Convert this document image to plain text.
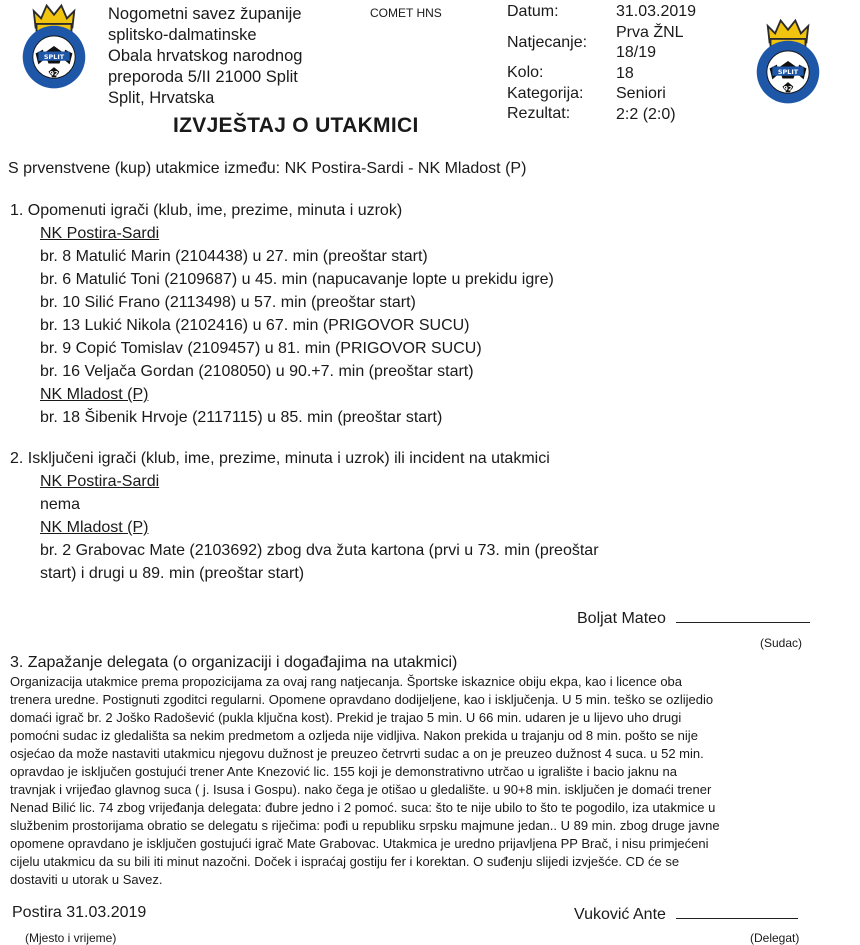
SPLIT
1920	SPLIT
1920
Nogometni savez županije
splitsko-dalmatinske
Obala hrvatskog narodnog
preporoda 5/II 21000 Split
Split, Hrvatska
COMET HNS
IZVJEŠTAJ O UTAKMICI
Datum:
Natjecanje:
Kolo:
Kategorija:
Rezultat:
31.03.2019
Prva ŽNL
18/19
18
Seniori
2:2 (2:0)
S prvenstvene (kup) utakmice između: NK Postira-Sardi - NK Mladost (P)
1. Opomenuti igrači (klub, ime, prezime, minuta i uzrok)
NK Postira-Sardi
br. 8 Matulić Marin (2104438) u 27. min (preoštar start)
br. 6 Matulić Toni (2109687) u 45. min (napucavanje lopte u prekidu igre)
br. 10 Silić Frano (2113498) u 57. min (preoštar start)
br. 13 Lukić Nikola (2102416) u 67. min (PRIGOVOR SUCU)
br. 9 Copić Tomislav (2109457) u 81. min (PRIGOVOR SUCU)
br. 16 Veljača Gordan (2108050) u 90.+7. min (preoštar start)
NK Mladost (P)
br. 18 Šibenik Hrvoje (2117115) u 85. min (preoštar start)
2. Isključeni igrači (klub, ime, prezime, minuta i uzrok) ili incident na utakmici
NK Postira-Sardi
nema
NK Mladost (P)
br. 2 Grabovac Mate (2103692) zbog dva žuta kartona (prvi u 73. min (preoštar
start) i drugi u 89. min (preoštar start)
Boljat Mateo
(Sudac)
3. Zapažanje delegata (o organizaciji i događajima na utakmici)
Organizacija utakmice prema propozicijama za ovaj rang natjecanja. Športske iskaznice obiju ekpa, kao i licence oba
trenera uredne. Postignuti zgoditci regularni. Opomene opravdano dodijeljene, kao i isključenja. U 5 min. teško se ozlijedio
domaći igrač br. 2 Joško Radošević (pukla ključna kost). Prekid je trajao 5 min. U 66 min. udaren je u lijevo uho drugi
pomoćni sudac iz gledališta sa nekim predmetom a ozljeda nije vidljiva. Nakon prekida u trajanju od 8 min. pošto se nije
osjećao da može nastaviti utakmicu njegovu dužnost je preuzeo četrvrti sudac a on je preuzeo dužnost 4 suca. u 52 min.
opravdao je isključen gostujući trener Ante Knezović lic. 155 koji je demonstrativno utrčao u igralište i bacio jaknu na
travnjak i vrijeđao glavnog suca ( j. Isusa i Gospu). nako čega je otišao u gledalište. u 90+8 min. isključen je domaći trener
Nenad Bilić lic. 74 zbog vrijeđanja delegata: đubre jedno i 2 pomoć. suca: što te nije ubilo to što te pogodilo, iza utakmice u
službenim prostorijama obratio se delegatu s riječima: pođi u republiku srpsku majmune jedan.. U 89 min. zbog druge javne
opomene opravdano je isključen gostujući igrač Mate Grabovac. Utakmica je uredno prijavljena PP Brač, i nisu primjećeni
cijelu utakmicu da su bili iti minut nazočni. Doček i ispraćaj gostiju fer i korektan. O suđenju slijedi izvješće. CD će se
dostaviti u utorak u Savez.
Postira 31.03.2019
(Mjesto i vrijeme)
Vuković Ante
(Delegat)
